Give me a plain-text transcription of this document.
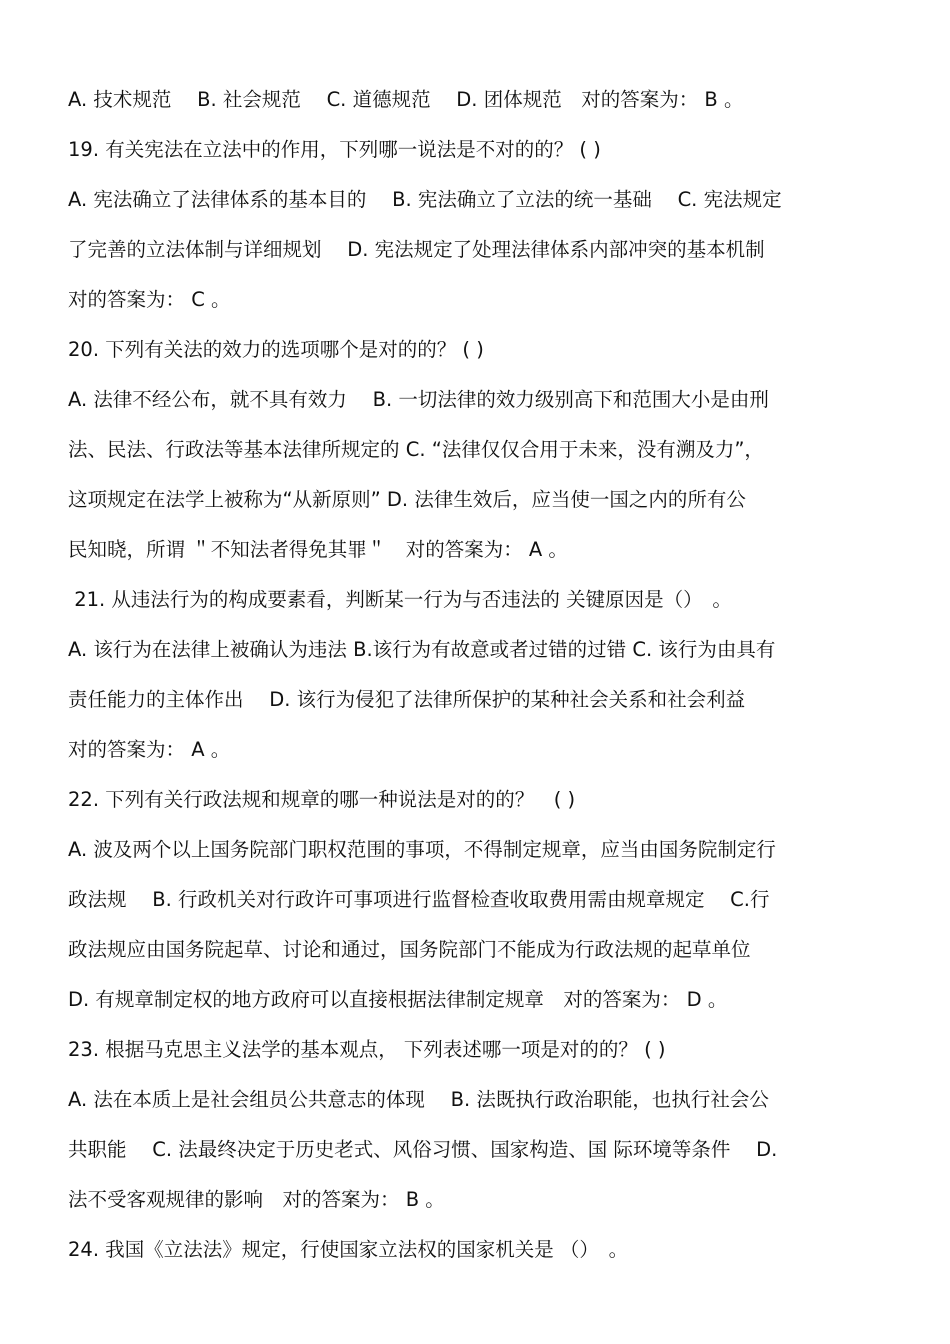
A. 技术规范　 B. 社会规范　 C. 道德规范　 D. 团体规范　对的答案为： B 。
19. 有关宪法在立法中的作用，下列哪一说法是不对的的？ ( )
A. 宪法确立了法律体系的基本目的　 B. 宪法确立了立法的统一基础　 C. 宪法规定
了完善的立法体制与详细规划　 D. 宪法规定了处理法律体系内部冲突的基本机制
对的答案为： C 。
20. 下列有关法的效力的选项哪个是对的的？ ( )
A. 法律不经公布，就不具有效力　 B. 一切法律的效力级别高下和范围大小是由刑
法、民法、行政法等基本法律所规定的 C. “法律仅仅合用于未来，没有溯及力”，
这项规定在法学上被称为“从新原则” D. 法律生效后，应当使一国之内的所有公
民知晓，所谓 ＂不知法者得免其罪＂　对的答案为： A 。
21. 从违法行为的构成要素看，判断某一行为与否违法的 关键原因是（）　。
A. 该行为在法律上被确认为违法 B.该行为有故意或者过错的过错 C. 该行为由具有
责任能力的主体作出　 D. 该行为侵犯了法律所保护的某种社会关系和社会利益
对的答案为： A 。
22. 下列有关行政法规和规章的哪一种说法是对的的？　( )
A. 波及两个以上国务院部门职权范围的事项，不得制定规章，应当由国务院制定行
政法规　 B. 行政机关对行政许可事项进行监督检查收取费用需由规章规定　 C.行
政法规应由国务院起草、讨论和通过，国务院部门不能成为行政法规的起草单位
D. 有规章制定权的地方政府可以直接根据法律制定规章　对的答案为： D 。
23. 根据马克思主义法学的基本观点， 下列表述哪一项是对的的？ ( )
A. 法在本质上是社会组员公共意志的体现　 B. 法既执行政治职能，也执行社会公
共职能　 C. 法最终决定于历史老式、风俗习惯、国家构造、国 际环境等条件　 D.
法不受客观规律的影响　对的答案为： B 。
24. 我国《立法法》规定，行使国家立法权的国家机关是 （）　。
